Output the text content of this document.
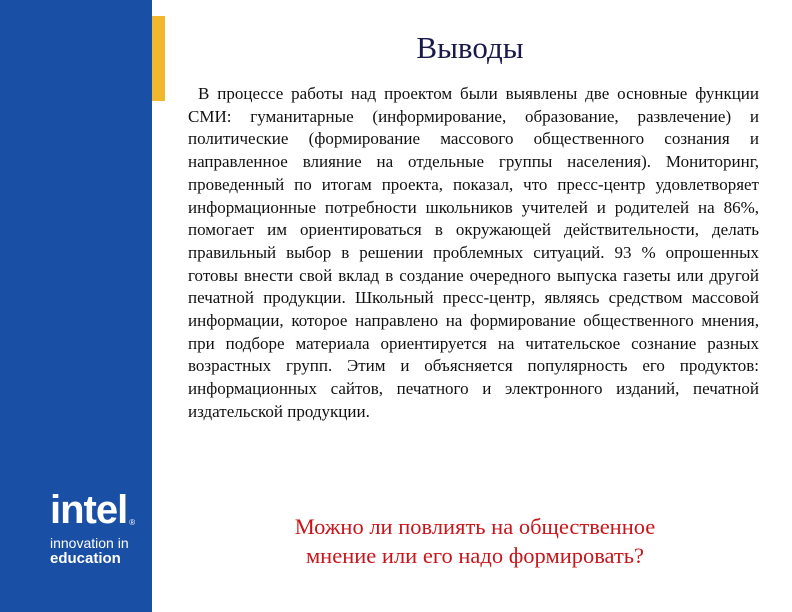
intel $_®$
innovation in
education
Выводы

В процессе работы над проектом были выявлены две основные функции СМИ: гуманитарные (информирование, образование, развлечение) и политические (формирование массового общественного сознания и направленное влияние на отдельные группы населения). Мониторинг, проведенный по итогам проекта, показал, что пресс-центр удовлетворяет информационные потребности школьников учителей и родителей на 86%, помогает им ориентироваться в окружающей действительности, делать правильный выбор в решении проблемных ситуаций. 93 % опрошенных готовы внести свой вклад в создание очередного выпуска газеты или другой печатной продукции. Школьный пресс-центр, являясь средством массовой информации, которое направлено на формирование общественного мнения, при подборе материала ориентируется на читательское сознание разных возрастных групп. Этим и объясняется популярность его продуктов: информационных сайтов, печатного и электронного изданий, печатной издательской продукции.

Можно ли повлиять на общественное
мнение или его надо формировать?
